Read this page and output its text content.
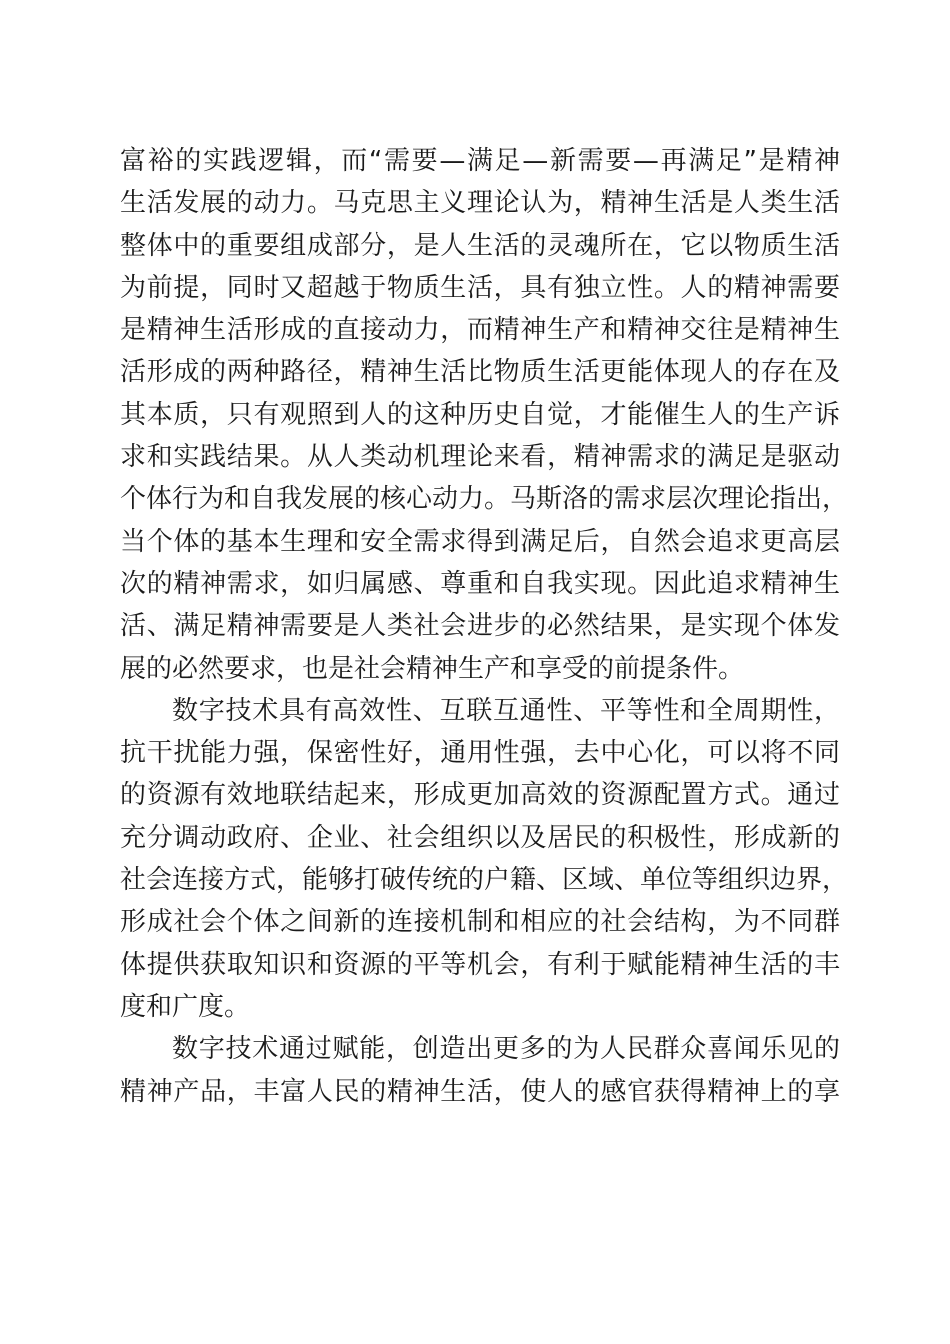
富裕的实践逻辑，而“需要—满足—新需要—再满足”是精神
生活发展的动力。马克思主义理论认为，精神生活是人类生活
整体中的重要组成部分，是人生活的灵魂所在，它以物质生活
为前提，同时又超越于物质生活，具有独立性。人的精神需要
是精神生活形成的直接动力，而精神生产和精神交往是精神生
活形成的两种路径，精神生活比物质生活更能体现人的存在及
其本质，只有观照到人的这种历史自觉，才能催生人的生产诉
求和实践结果。从人类动机理论来看，精神需求的满足是驱动
个体行为和自我发展的核心动力。马斯洛的需求层次理论指出，
当个体的基本生理和安全需求得到满足后，自然会追求更高层
次的精神需求，如归属感、尊重和自我实现。因此追求精神生
活、满足精神需要是人类社会进步的必然结果，是实现个体发
展的必然要求，也是社会精神生产和享受的前提条件。
数字技术具有高效性、互联互通性、平等性和全周期性，
抗干扰能力强，保密性好，通用性强，去中心化，可以将不同
的资源有效地联结起来，形成更加高效的资源配置方式。通过
充分调动政府、企业、社会组织以及居民的积极性，形成新的
社会连接方式，能够打破传统的户籍、区域、单位等组织边界，
形成社会个体之间新的连接机制和相应的社会结构，为不同群
体提供获取知识和资源的平等机会，有利于赋能精神生活的丰
度和广度。
数字技术通过赋能，创造出更多的为人民群众喜闻乐见的
精神产品，丰富人民的精神生活，使人的感官获得精神上的享
